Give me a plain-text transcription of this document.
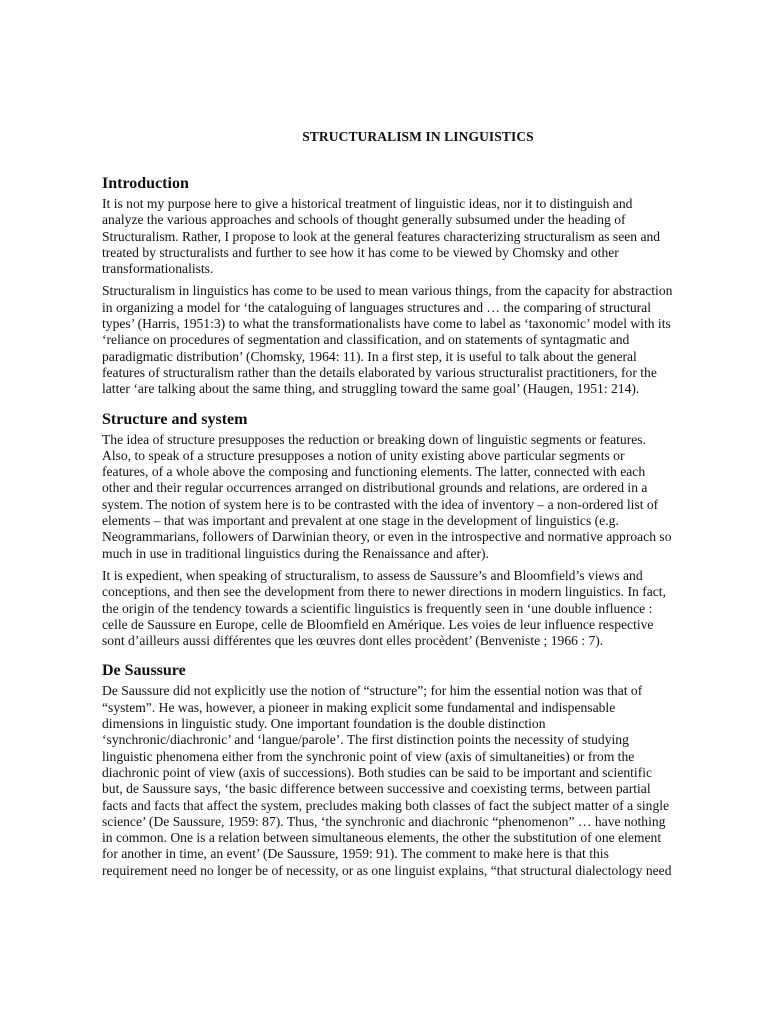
STRUCTURALISM IN LINGUISTICS
Introduction

It is not my purpose here to give a historical treatment of linguistic ideas, nor it to distinguish and
analyze the various approaches and schools of thought generally subsumed under the heading of
Structuralism. Rather, I propose to look at the general features characterizing structuralism as seen and
treated by structuralists and further to see how it has come to be viewed by Chomsky and other
transformationalists.

Structuralism in linguistics has come to be used to mean various things, from the capacity for abstraction
in organizing a model for ‘the cataloguing of languages structures and … the comparing of structural
types’ (Harris, 1951:3) to what the transformationalists have come to label as ‘taxonomic’ model with its
‘reliance on procedures of segmentation and classification, and on statements of syntagmatic and
paradigmatic distribution’ (Chomsky, 1964: 11). In a first step, it is useful to talk about the general
features of structuralism rather than the details elaborated by various structuralist practitioners, for the
latter ‘are talking about the same thing, and struggling toward the same goal’ (Haugen, 1951: 214).

Structure and system

The idea of structure presupposes the reduction or breaking down of linguistic segments or features.
Also, to speak of a structure presupposes a notion of unity existing above particular segments or
features, of a whole above the composing and functioning elements. The latter, connected with each
other and their regular occurrences arranged on distributional grounds and relations, are ordered in a
system. The notion of system here is to be contrasted with the idea of inventory – a non-ordered list of
elements – that was important and prevalent at one stage in the development of linguistics (e.g.
Neogrammarians, followers of Darwinian theory, or even in the introspective and normative approach so
much in use in traditional linguistics during the Renaissance and after).

It is expedient, when speaking of structuralism, to assess de Saussure’s and Bloomfield’s views and
conceptions, and then see the development from there to newer directions in modern linguistics. In fact,
the origin of the tendency towards a scientific linguistics is frequently seen in ‘une double influence :
celle de Saussure en Europe, celle de Bloomfield en Amérique. Les voies de leur influence respective
sont d’ailleurs aussi différentes que les œuvres dont elles procèdent’ (Benveniste ; 1966 : 7).

De Saussure

De Saussure did not explicitly use the notion of “structure”; for him the essential notion was that of
“system”. He was, however, a pioneer in making explicit some fundamental and indispensable
dimensions in linguistic study. One important foundation is the double distinction
‘synchronic/diachronic’ and ‘langue/parole’. The first distinction points the necessity of studying
linguistic phenomena either from the synchronic point of view (axis of simultaneities) or from the
diachronic point of view (axis of successions). Both studies can be said to be important and scientific
but, de Saussure says, ‘the basic difference between successive and coexisting terms, between partial
facts and facts that affect the system, precludes making both classes of fact the subject matter of a single
science’ (De Saussure, 1959: 87). Thus, ‘the synchronic and diachronic “phenomenon” … have nothing
in common. One is a relation between simultaneous elements, the other the substitution of one element
for another in time, an event’ (De Saussure, 1959: 91). The comment to make here is that this
requirement need no longer be of necessity, or as one linguist explains, “that structural dialectology need
